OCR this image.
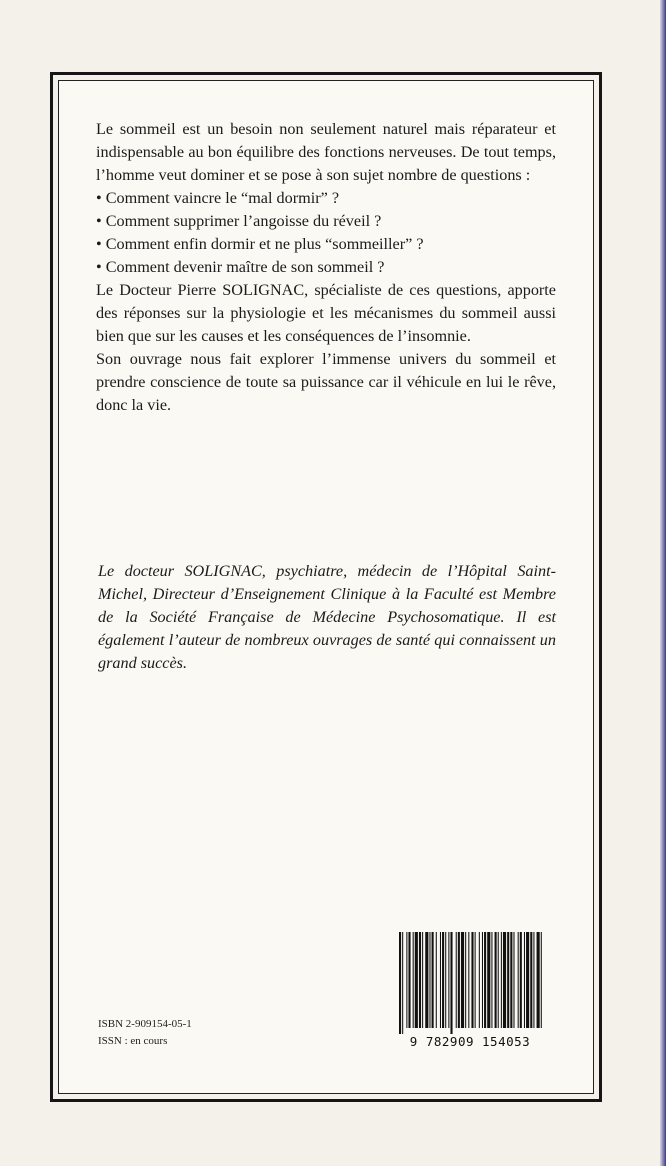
Le sommeil est un besoin non seulement naturel mais réparateur et indispensable au bon équilibre des fonctions nerveuses. De tout temps, l’homme veut dominer et se pose à son sujet nombre de questions :

• Comment vaincre le “mal dormir” ?
• Comment supprimer l’angoisse du réveil ?
• Comment enfin dormir et ne plus “sommeiller” ?
• Comment devenir maître de son sommeil ?

Le Docteur Pierre SOLIGNAC, spécialiste de ces questions, apporte des réponses sur la physiologie et les mécanismes du sommeil aussi bien que sur les causes et les conséquences de l’insomnie.

Son ouvrage nous fait explorer l’immense univers du sommeil et prendre conscience de toute sa puissance car il véhicule en lui le rêve, donc la vie.

Le docteur SOLIGNAC, psychiatre, médecin de l’Hôpital Saint-Michel, Directeur d’Enseignement Clinique à la Faculté est Membre de la Société Française de Médecine Psychosomatique. Il est également l’auteur de nombreux ouvrages de santé qui connaissent un grand succès.

ISBN 2-909154-05-1
ISSN : en cours	9 782909 154053
